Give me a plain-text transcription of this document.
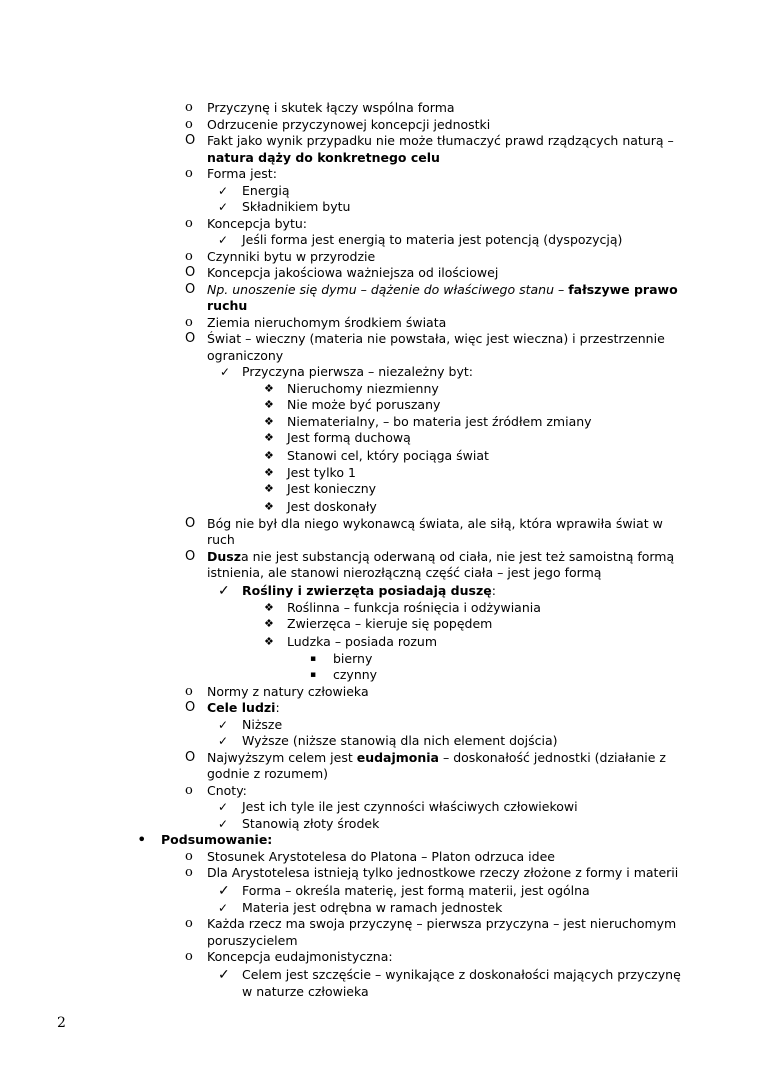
o Przyczynę i skutek łączy wspólna forma
o Odrzucenie przyczynowej koncepcji jednostki
O Fakt jako wynik przypadku nie może tłumaczyć prawd rządzących naturą –
natura dąży do konkretnego celu
o Forma jest:
✓ Energią
✓ Składnikiem bytu
o Koncepcja bytu:
✓ Jeśli forma jest energią to materia jest potencją (dyspozycją)
o Czynniki bytu w przyrodzie
O Koncepcja jakościowa ważniejsza od ilościowej
O Np. unoszenie się dymu – dążenie do właściwego stanu – fałszywe prawo
ruchu
o Ziemia nieruchomym środkiem świata
O Świat – wieczny (materia nie powstała, więc jest wieczna) i przestrzennie
ograniczony
✓ Przyczyna pierwsza – niezależny byt:
❖ Nieruchomy niezmienny
❖ Nie może być poruszany
❖ Niematerialny, – bo materia jest źródłem zmiany
❖ Jest formą duchową
❖ Stanowi cel, który pociąga świat
❖ Jest tylko 1
❖ Jest konieczny
❖ Jest doskonały
O Bóg nie był dla niego wykonawcą świata, ale siłą, która wprawiła świat w
ruch
O Dusza nie jest substancją oderwaną od ciała, nie jest też samoistną formą
istnienia, ale stanowi nierozłączną część ciała – jest jego formą
✓ Rośliny i zwierzęta posiadają duszę:
❖ Roślinna – funkcja rośnięcia i odżywiania
❖ Zwierzęca – kieruje się popędem
❖ Ludzka – posiada rozum
▪ bierny
▪ czynny
o Normy z natury człowieka
O Cele ludzi:
✓ Niższe
✓ Wyższe (niższe stanowią dla nich element dojścia)
O Najwyższym celem jest eudajmonia – doskonałość jednostki (działanie z
godnie z rozumem)
o Cnoty:
✓ Jest ich tyle ile jest czynności właściwych człowiekowi
✓ Stanowią złoty środek
• Podsumowanie:
o Stosunek Arystotelesa do Platona – Platon odrzuca idee
o Dla Arystotelesa istnieją tylko jednostkowe rzeczy złożone z formy i materii
✓ Forma – określa materię, jest formą materii, jest ogólna
✓ Materia jest odrębna w ramach jednostek
o Każda rzecz ma swoja przyczynę – pierwsza przyczyna – jest nieruchomym
poruszycielem
o Koncepcja eudajmonistyczna:
✓ Celem jest szczęście – wynikające z doskonałości mających przyczynę
w naturze człowieka
2
